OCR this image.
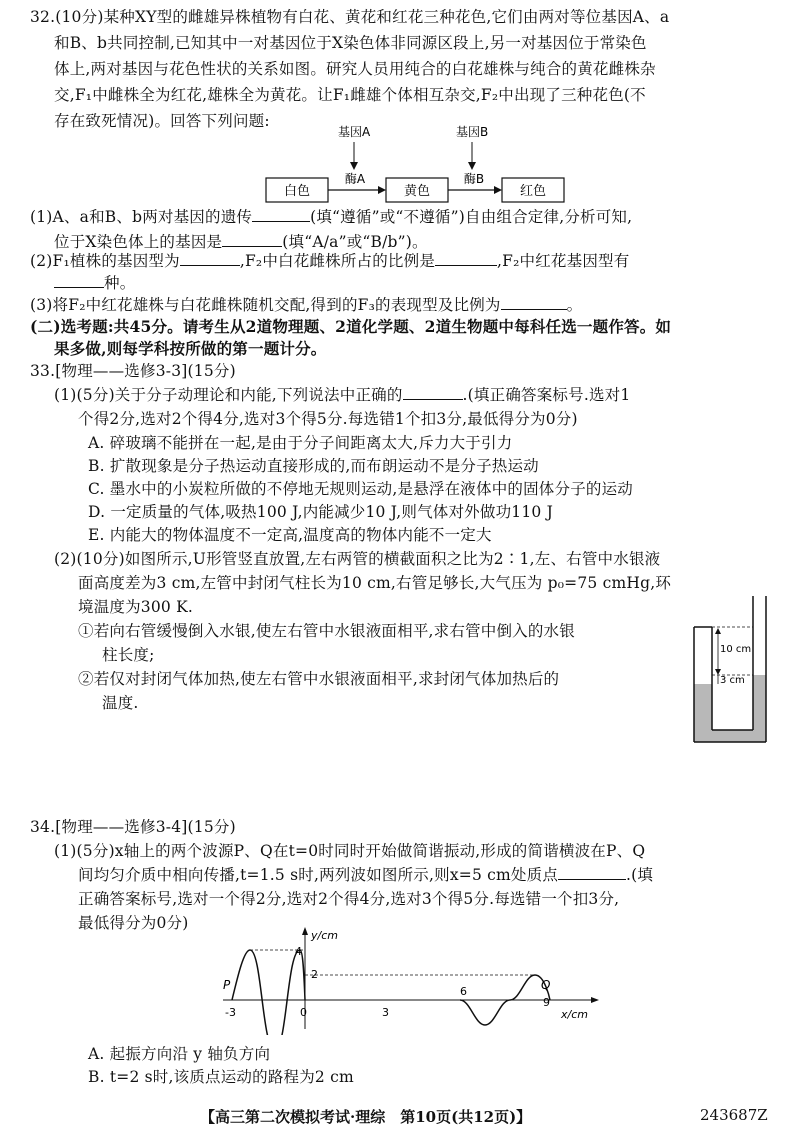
32.(10分)某种XY型的雌雄异株植物有白花、黄花和红花三种花色,它们由两对等位基因A、a
和B、b共同控制,已知其中一对基因位于X染色体非同源区段上,另一对基因位于常染色
体上,两对基因与花色性状的关系如图。研究人员用纯合的白花雄株与纯合的黄花雌株杂
交,F₁中雌株全为红花,雄株全为黄花。让F₁雌雄个体相互杂交,F₂中出现了三种花色(不
存在致死情况)。回答下列问题:
基因A	基因B
白色
酶A
黄色
酶B
红色
(1)A、a和B、b两对基因的遗传	(填“遵循”或“不遵循”)自由组合定律,分析可知,
位于X染色体上的基因是	(填“A/a”或“B/b”)。
(2)F₁植株的基因型为	,F₂中白花雌株所占的比例是	,F₂中红花基因型有
种。
(3)将F₂中红花雄株与白花雌株随机交配,得到的F₃的表现型及比例为	。
(二)选考题:共45分。请考生从2道物理题、2道化学题、2道生物题中每科任选一题作答。如
果多做,则每学科按所做的第一题计分。
33.[物理——选修3-3](15分)
(1)(5分)关于分子动理论和内能,下列说法中正确的	.(填正确答案标号.选对1
个得2分,选对2个得4分,选对3个得5分.每选错1个扣3分,最低得分为0分)
A. 碎玻璃不能拼在一起,是由于分子间距离太大,斥力大于引力
B. 扩散现象是分子热运动直接形成的,而布朗运动不是分子热运动
C. 墨水中的小炭粒所做的不停地无规则运动,是悬浮在液体中的固体分子的运动
D. 一定质量的气体,吸热100 J,内能减少10 J,则气体对外做功110 J
E. 内能大的物体温度不一定高,温度高的物体内能不一定大
(2)(10分)如图所示,U形管竖直放置,左右两管的横截面积之比为2∶1,左、右管中水银液
面高度差为3 cm,左管中封闭气柱长为10 cm,右管足够长,大气压为 p₀=75 cmHg,环
境温度为300 K.
①若向右管缓慢倒入水银,使左右管中水银液面相平,求右管中倒入的水银
柱长度;
②若仅对封闭气体加热,使左右管中水银液面相平,求封闭气体加热后的
温度.
10 cm
3 cm
34.[物理——选修3-4](15分)
(1)(5分)x轴上的两个波源P、Q在t=0时同时开始做简谐振动,形成的简谐横波在P、Q
间均匀介质中相向传播,t=1.5 s时,两列波如图所示,则x=5 cm处质点	.(填
正确答案标号,选对一个得2分,选对2个得4分,选对3个得5分.每选错一个扣3分,
最低得分为0分)
y/cm
x/cm
4
2
-3	0	3
6
9
P	Q
A. 起振方向沿 y 轴负方向
B. t=2 s时,该质点运动的路程为2 cm
【高三第二次模拟考试·理综　第10页(共12页)】	243687Z
